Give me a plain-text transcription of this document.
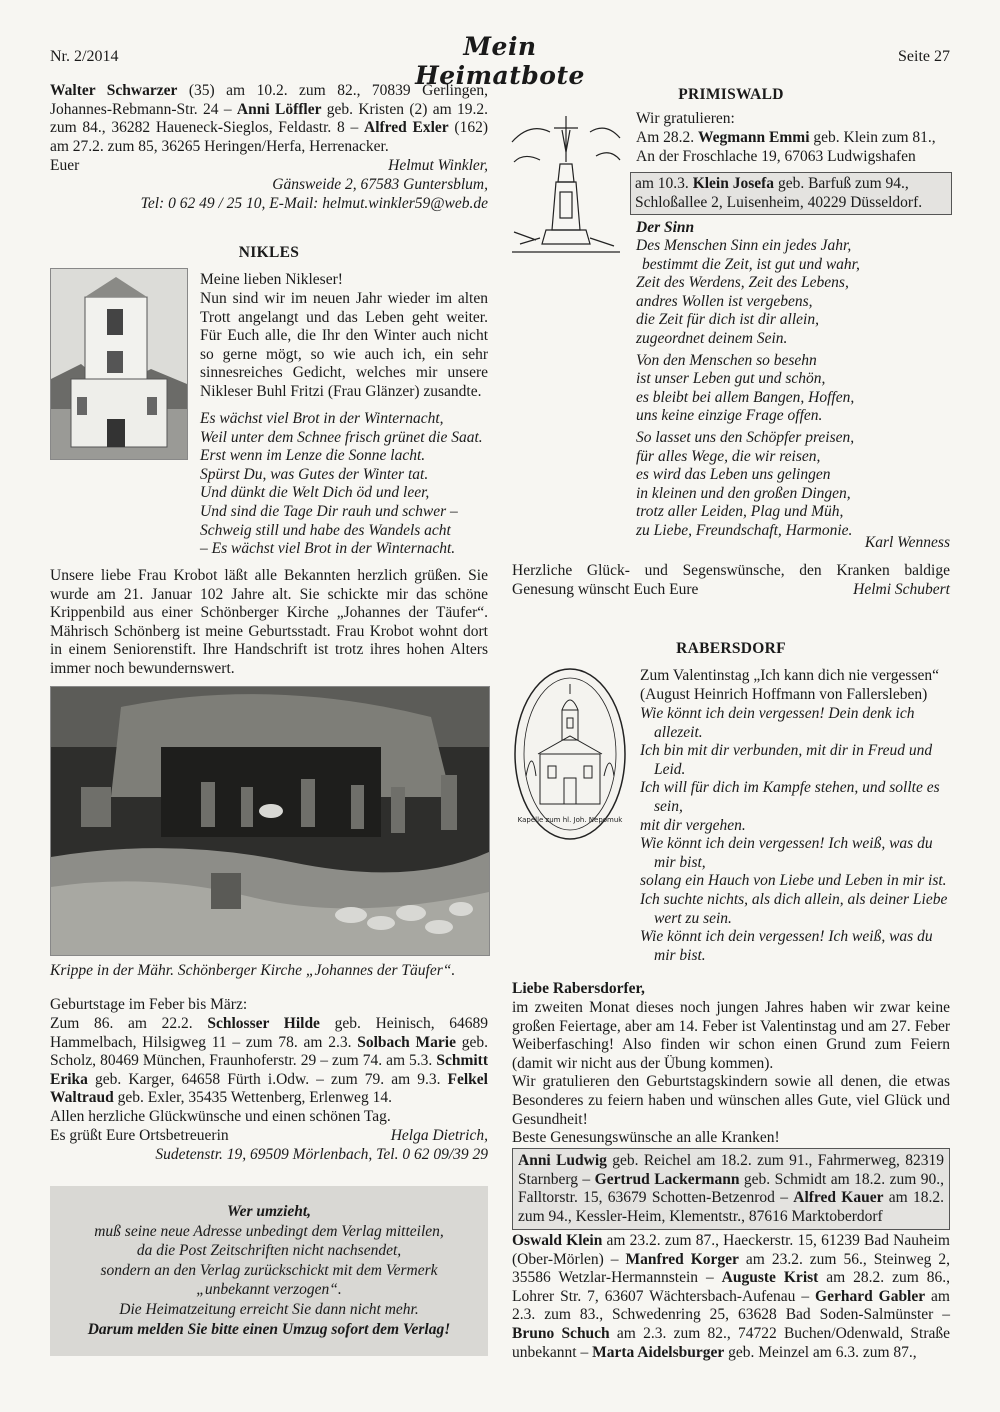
Nr. 2/2014	Mein Heimatbote
Seite 27
Walter Schwarzer (35) am 10.2. zum 82., 70839 Gerlingen, Johannes-Rebmann-Str. 24 – Anni Löffler geb. Kristen (2) am 19.2. zum 84., 36282 Haueneck-Sieglos, Feldastr. 8 – Alfred Exler (162) am 27.2. zum 85, 36265 Heringen/Herfa, Herrenacker.
Euer	Helmut Winkler,
Gänsweide 2, 67583 Guntersblum,
Tel: 0 62 49 / 25 10, E-Mail: helmut.winkler59@web.de
NIKLES
Meine lieben Nikleser!
Nun sind wir im neuen Jahr wieder im alten Trott angelangt und das Leben geht weiter. Für Euch alle, die Ihr den Winter auch nicht so gerne mögt, so wie auch ich, ein sehr sinnesreiches Gedicht, welches mir unsere Nikleser Buhl Fritzi (Frau Glänzer) zusandte.
Es wächst viel Brot in der Winternacht,
Weil unter dem Schnee frisch grünet die Saat.
Erst wenn im Lenze die Sonne lacht.
Spürst Du, was Gutes der Winter tat.
Und dünkt die Welt Dich öd und leer,
Und sind die Tage Dir rauh und schwer –
Schweig still und habe des Wandels acht
– Es wächst viel Brot in der Winternacht.
Unsere liebe Frau Krobot läßt alle Bekannten herzlich grüßen. Sie wurde am 21. Januar 102 Jahre alt. Sie schickte mir das schöne Krippenbild aus einer Schönberger Kirche „Johannes der Täufer“. Mährisch Schönberg ist meine Geburtsstadt. Frau Krobot wohnt dort in einem Seniorenstift. Ihre Handschrift ist trotz ihres hohen Alters immer noch bewundernswert.
Krippe in der Mähr. Schönberger Kirche „Johannes der Täufer“.
Geburtstage im Feber bis März:
Zum 86. am 22.2. Schlosser Hilde geb. Heinisch, 64689 Hammelbach, Hilsigweg 11 – zum 78. am 2.3. Solbach Marie geb. Scholz, 80469 München, Fraunhoferstr. 29 – zum 74. am 5.3. Schmitt Erika geb. Karger, 64658 Fürth i.Odw. – zum 79. am 9.3. Felkel Waltraud geb. Exler, 35435 Wettenberg, Erlenweg 14.
Allen herzliche Glückwünsche und einen schönen Tag.
Es grüßt Eure Ortsbetreuerin	Helga Dietrich,
Sudetenstr. 19, 69509 Mörlenbach, Tel. 0 62 09/39 29
Wer umzieht,
muß seine neue Adresse unbedingt dem Verlag mitteilen,
da die Post Zeitschriften nicht nachsendet,
sondern an den Verlag zurückschickt mit dem Vermerk
„unbekannt verzogen“.
Die Heimatzeitung erreicht Sie dann nicht mehr.
Darum melden Sie bitte einen Umzug sofort dem Verlag!
PRIMISWALD
Wir gratulieren:
Am 28.2. Wegmann Emmi geb. Klein zum 81., An der Froschlache 19, 67063 Ludwigshafen
am 10.3. Klein Josefa geb. Barfuß zum 94., Schloßallee 2, Luisenheim, 40229 Düsseldorf.
Der Sinn
Des Menschen Sinn ein jedes Jahr,
bestimmt die Zeit, ist gut und wahr,
Zeit des Werdens, Zeit des Lebens,
andres Wollen ist vergebens,
die Zeit für dich ist dir allein,
zugeordnet deinem Sein.
Von den Menschen so besehn
ist unser Leben gut und schön,
es bleibt bei allem Bangen, Hoffen,
uns keine einzige Frage offen.
So lasset uns den Schöpfer preisen,
für alles Wege, die wir reisen,
es wird das Leben uns gelingen
in kleinen und den großen Dingen,
trotz aller Leiden, Plag und Müh,
zu Liebe, Freundschaft, Harmonie.
Karl Wenness
Herzliche Glück- und Segenswünsche, den Kranken baldige Genesung wünscht Euch Eure	Helmi Schubert
RABERSDORF
Kapelle zum hl. Joh. Nepomuk
Zum Valentinstag „Ich kann dich nie vergessen“
(August Heinrich Hoffmann von Fallersleben)
Wie könnt ich dein vergessen! Dein denk ich allezeit.
Ich bin mit dir verbunden, mit dir in Freud und Leid.
Ich will für dich im Kampfe stehen, und sollte es sein,
mit dir vergehen.
Wie könnt ich dein vergessen! Ich weiß, was du mir bist,
solang ein Hauch von Liebe und Leben in mir ist.
Ich suchte nichts, als dich allein, als deiner Liebe wert zu sein.
Wie könnt ich dein vergessen! Ich weiß, was du mir bist.
Liebe Rabersdorfer,
im zweiten Monat dieses noch jungen Jahres haben wir zwar keine großen Feiertage, aber am 14. Feber ist Valentinstag und am 27. Feber Weiberfasching! Also finden wir schon einen Grund zum Feiern (damit wir nicht aus der Übung kommen).
Wir gratulieren den Geburtstagskindern sowie all denen, die etwas Besonderes zu feiern haben und wünschen alles Gute, viel Glück und Gesundheit!
Beste Genesungswünsche an alle Kranken!
Anni Ludwig geb. Reichel am 18.2. zum 91., Fahrmerweg, 82319 Starnberg – Gertrud Lackermann geb. Schmidt am 18.2. zum 90., Falltorstr. 15, 63679 Schotten-Betzenrod – Alfred Kauer am 18.2. zum 94., Kessler-Heim, Klementstr., 87616 Marktoberdorf
Oswald Klein am 23.2. zum 87., Haeckerstr. 15, 61239 Bad Nauheim (Ober-Mörlen) – Manfred Korger am 23.2. zum 56., Steinweg 2, 35586 Wetzlar-Hermannstein – Auguste Krist am 28.2. zum 86., Lohrer Str. 7, 63607 Wächtersbach-Aufenau – Gerhard Gabler am 2.3. zum 83., Schwedenring 25, 63628 Bad Soden-Salmünster – Bruno Schuch am 2.3. zum 82., 74722 Buchen/Odenwald, Straße unbekannt – Marta Aidelsburger geb. Meinzel am 6.3. zum 87.,
